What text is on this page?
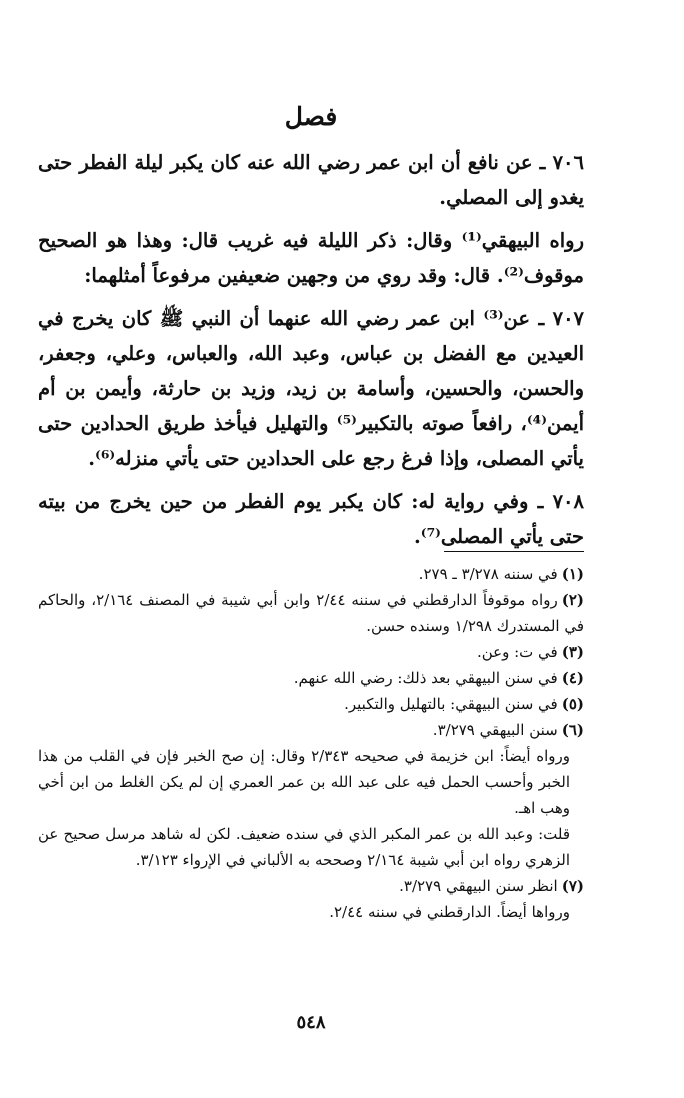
فصل

٧٠٦ ـ عن نافع أن ابن عمر رضي الله عنه كان يكبر ليلة الفطر حتى يغدو إلى المصلي.

رواه البيهقي⁽¹⁾ وقال: ذكر الليلة فيه غريب قال: وهذا هو الصحيح موقوف⁽²⁾. قال: وقد روي من وجهين ضعيفين مرفوعاً أمثلهما:

٧٠٧ ـ عن⁽³⁾ ابن عمر رضي الله عنهما أن النبي ﷺ كان يخرج في العيدين مع الفضل بن عباس، وعبد الله، والعباس، وعلي، وجعفر، والحسن، والحسين، وأسامة بن زيد، وزيد بن حارثة، وأيمن بن أم أيمن⁽⁴⁾، رافعاً صوته بالتكبير⁽⁵⁾ والتهليل فيأخذ طريق الحدادين حتى يأتي المصلى، وإذا فرغ رجع على الحدادين حتى يأتي منزله⁽⁶⁾.

٧٠٨ ـ وفي رواية له: كان يكبر يوم الفطر من حين يخرج من بيته حتى يأتي المصلى⁽⁷⁾.

(١)في سننه ٣/٢٧٨ ـ ٢٧٩.

(٢)رواه موقوفاً الدارقطني في سننه ٢/٤٤ وابن أبي شيبة في المصنف ٢/١٦٤، والحاكم في المستدرك ١/٢٩٨ وسنده حسن.

(٣)في ت: وعن.

(٤)في سنن البيهقي بعد ذلك: رضي الله عنهم.

(٥)في سنن البيهقي: بالتهليل والتكبير.

(٦)سنن البيهقي ٣/٢٧٩.

ورواه أيضاً: ابن خزيمة في صحيحه ٢/٣٤٣ وقال: إن صح الخبر فإن في القلب من هذا الخبر وأحسب الحمل فيه على عبد الله بن عمر العمري إن لم يكن الغلط من ابن أخي وهب اهـ.

قلت: وعبد الله بن عمر المكبر الذي في سنده ضعيف. لكن له شاهد مرسل صحيح عن الزهري رواه ابن أبي شيبة ٢/١٦٤ وصححه به الألباني في الإرواء ٣/١٢٣.

(٧)انظر سنن البيهقي ٣/٢٧٩.

ورواها أيضاً. الدارقطني في سننه ٢/٤٤.

٥٤٨
